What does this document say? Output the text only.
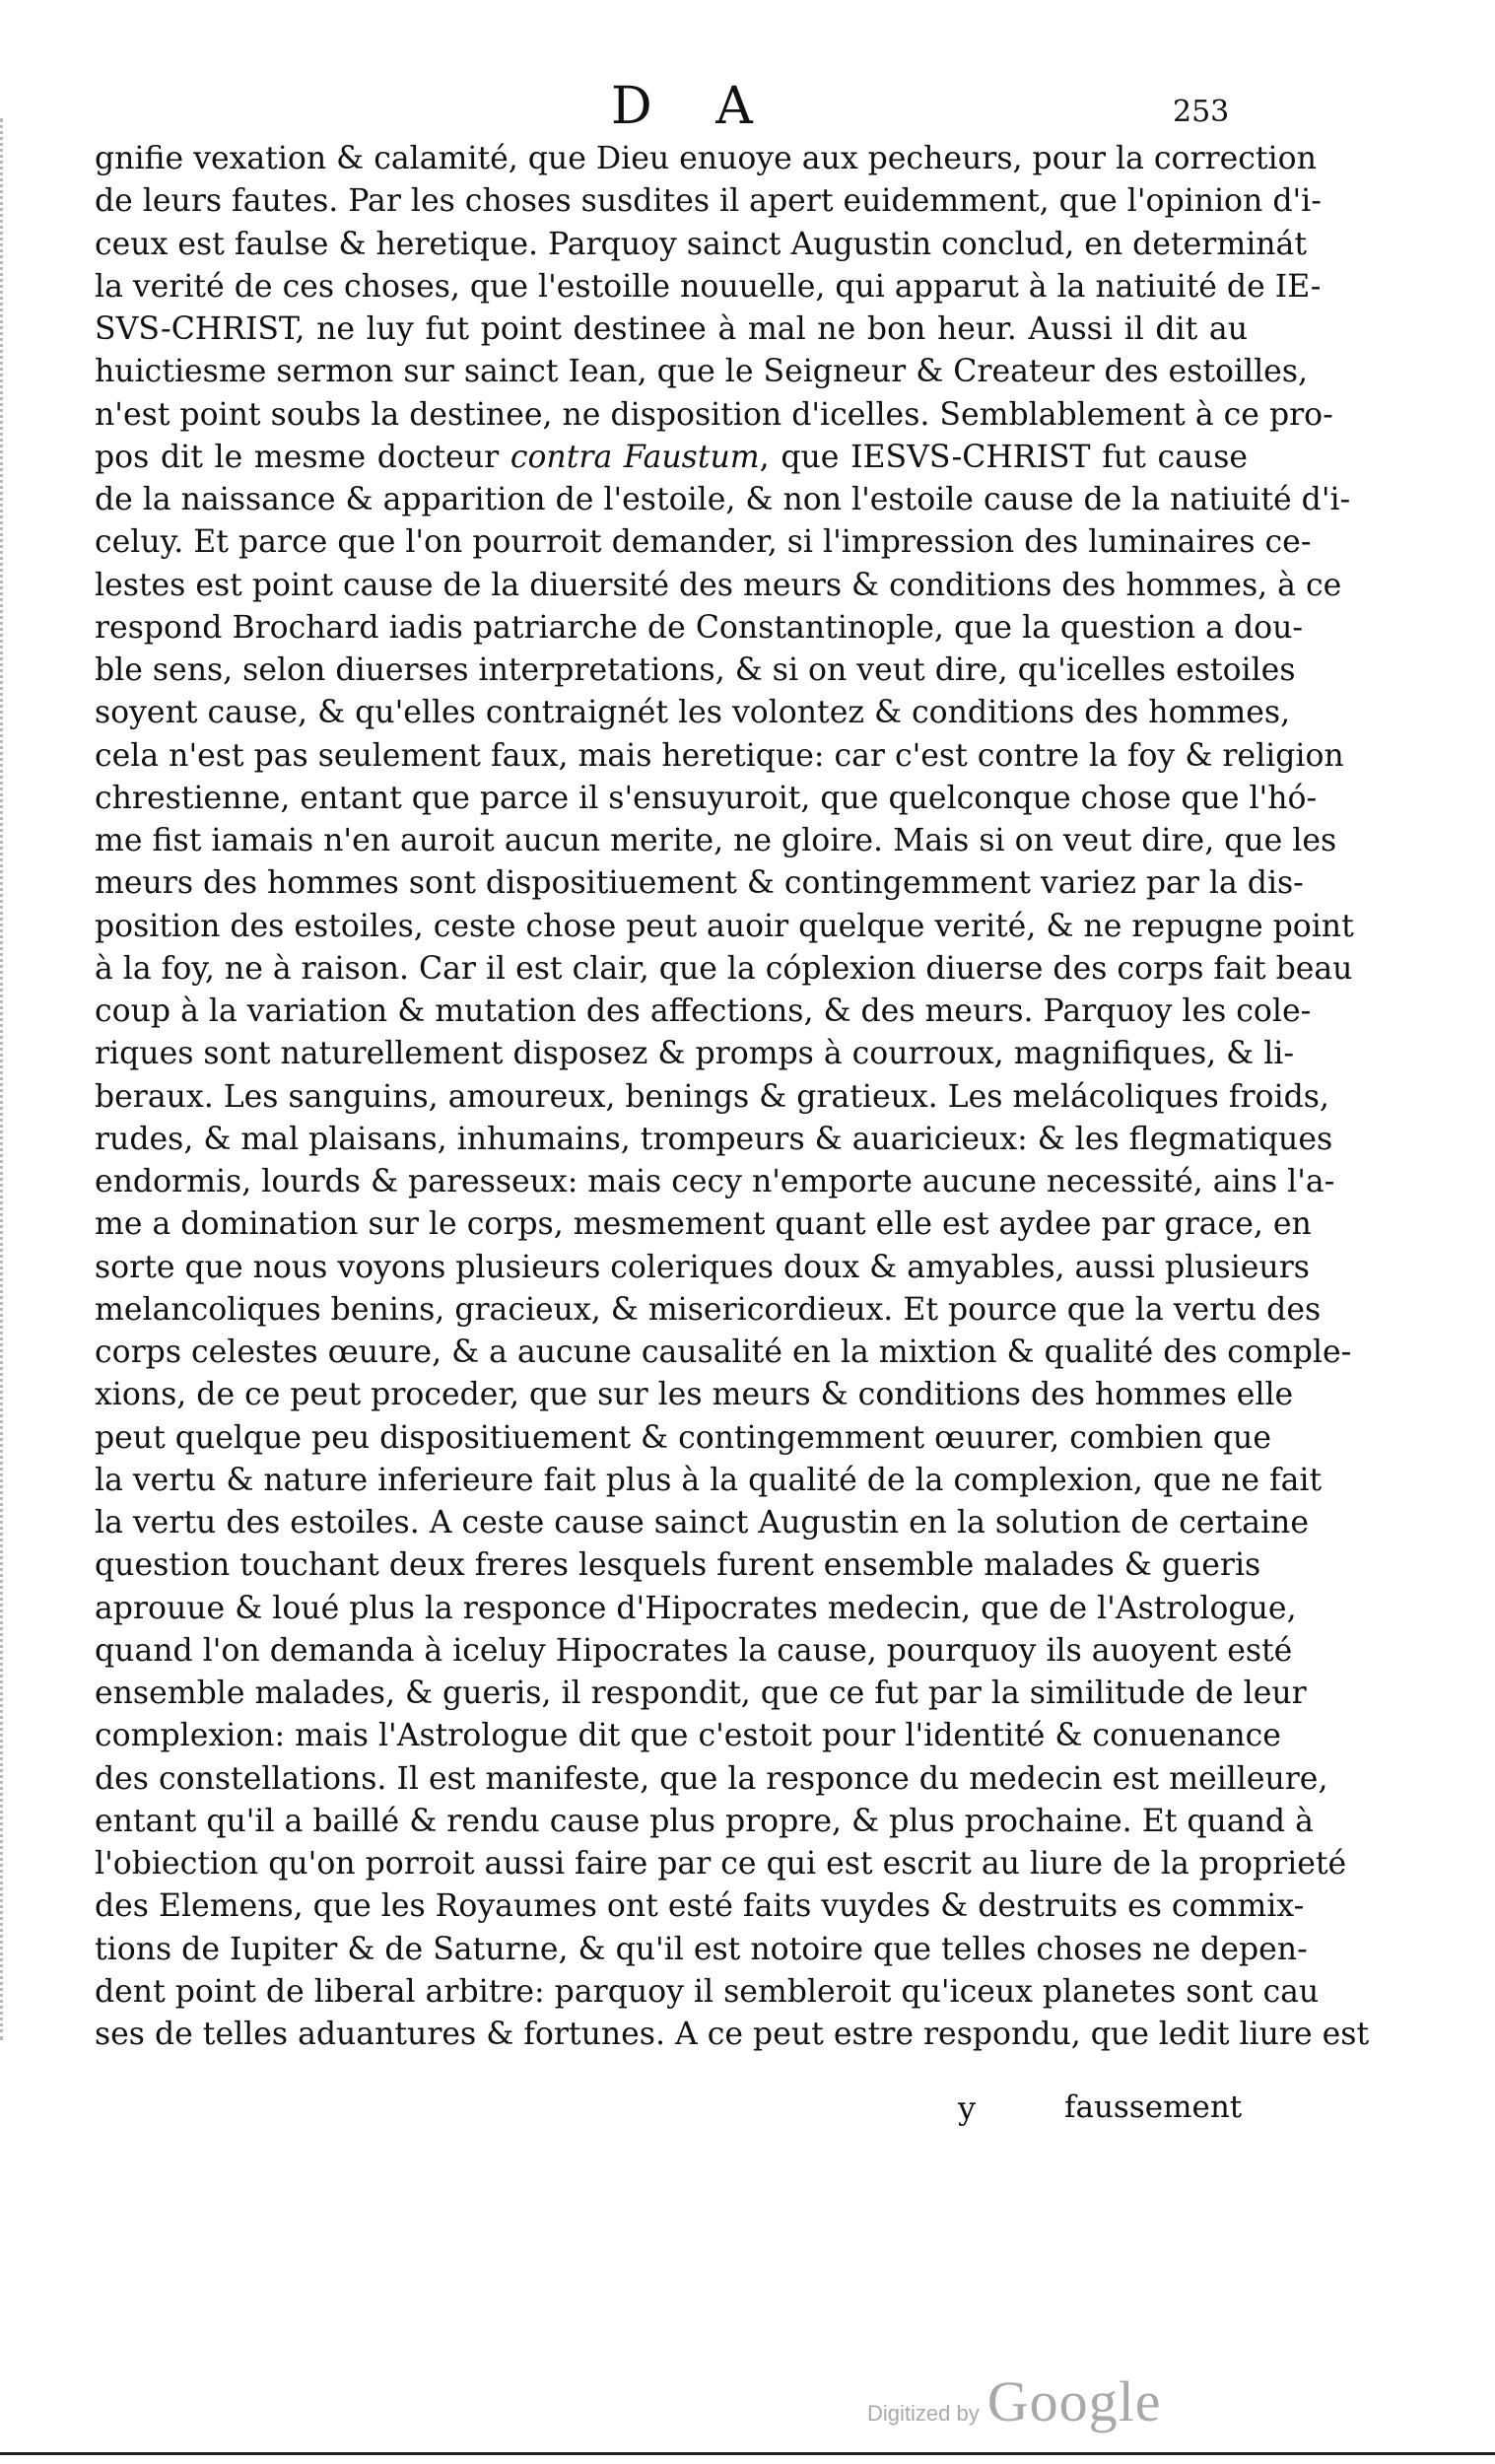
D A	253
gnifie vexation & calamité, que Dieu enuoye aux pecheurs, pour la correction
de leurs fautes. Par les choses susdites il apert euidemment, que l'opinion d'i-
ceux est faulse & heretique. Parquoy sainct Augustin conclud, en determinát
la verité de ces choses, que l'estoille nouuelle, qui apparut à la natiuité de IE-
SVS-CHRIST, ne luy fut point destinee à mal ne bon heur. Aussi il dit au
huictiesme sermon sur sainct Iean, que le Seigneur & Createur des estoilles,
n'est point soubs la destinee, ne disposition d'icelles. Semblablement à ce pro-
pos dit le mesme docteur contra Faustum, que IESVS-CHRIST fut cause
de la naissance & apparition de l'estoile, & non l'estoile cause de la natiuité d'i-
celuy. Et parce que l'on pourroit demander, si l'impression des luminaires ce-
lestes est point cause de la diuersité des meurs & conditions des hommes, à ce
respond Brochard iadis patriarche de Constantinople, que la question a dou-
ble sens, selon diuerses interpretations, & si on veut dire, qu'icelles estoiles
soyent cause, & qu'elles contraignét les volontez & conditions des hommes,
cela n'est pas seulement faux, mais heretique: car c'est contre la foy & religion
chrestienne, entant que parce il s'ensuyuroit, que quelconque chose que l'hó-
me fist iamais n'en auroit aucun merite, ne gloire. Mais si on veut dire, que les
meurs des hommes sont dispositiuement & contingemment variez par la dis-
position des estoiles, ceste chose peut auoir quelque verité, & ne repugne point
à la foy, ne à raison. Car il est clair, que la cóplexion diuerse des corps fait beau
coup à la variation & mutation des affections, & des meurs. Parquoy les cole-
riques sont naturellement disposez & promps à courroux, magnifiques, & li-
beraux. Les sanguins, amoureux, benings & gratieux. Les melácoliques froids,
rudes, & mal plaisans, inhumains, trompeurs & auaricieux: & les flegmatiques
endormis, lourds & paresseux: mais cecy n'emporte aucune necessité, ains l'a-
me a domination sur le corps, mesmement quant elle est aydee par grace, en
sorte que nous voyons plusieurs coleriques doux & amyables, aussi plusieurs
melancoliques benins, gracieux, & misericordieux. Et pource que la vertu des
corps celestes œuure, & a aucune causalité en la mixtion & qualité des comple-
xions, de ce peut proceder, que sur les meurs & conditions des hommes elle
peut quelque peu dispositiuement & contingemment œuurer, combien que
la vertu & nature inferieure fait plus à la qualité de la complexion, que ne fait
la vertu des estoiles. A ceste cause sainct Augustin en la solution de certaine
question touchant deux freres lesquels furent ensemble malades & gueris
aprouue & loué plus la responce d'Hipocrates medecin, que de l'Astrologue,
quand l'on demanda à iceluy Hipocrates la cause, pourquoy ils auoyent esté
ensemble malades, & gueris, il respondit, que ce fut par la similitude de leur
complexion: mais l'Astrologue dit que c'estoit pour l'identité & conuenance
des constellations. Il est manifeste, que la responce du medecin est meilleure,
entant qu'il a baillé & rendu cause plus propre, & plus prochaine. Et quand à
l'obiection qu'on porroit aussi faire par ce qui est escrit au liure de la proprieté
des Elemens, que les Royaumes ont esté faits vuydes & destruits es commix-
tions de Iupiter & de Saturne, & qu'il est notoire que telles choses ne depen-
dent point de liberal arbitre: parquoy il sembleroit qu'iceux planetes sont cau
ses de telles aduantures & fortunes. A ce peut estre respondu, que ledit liure est
y	faussement
Digitized by Google
